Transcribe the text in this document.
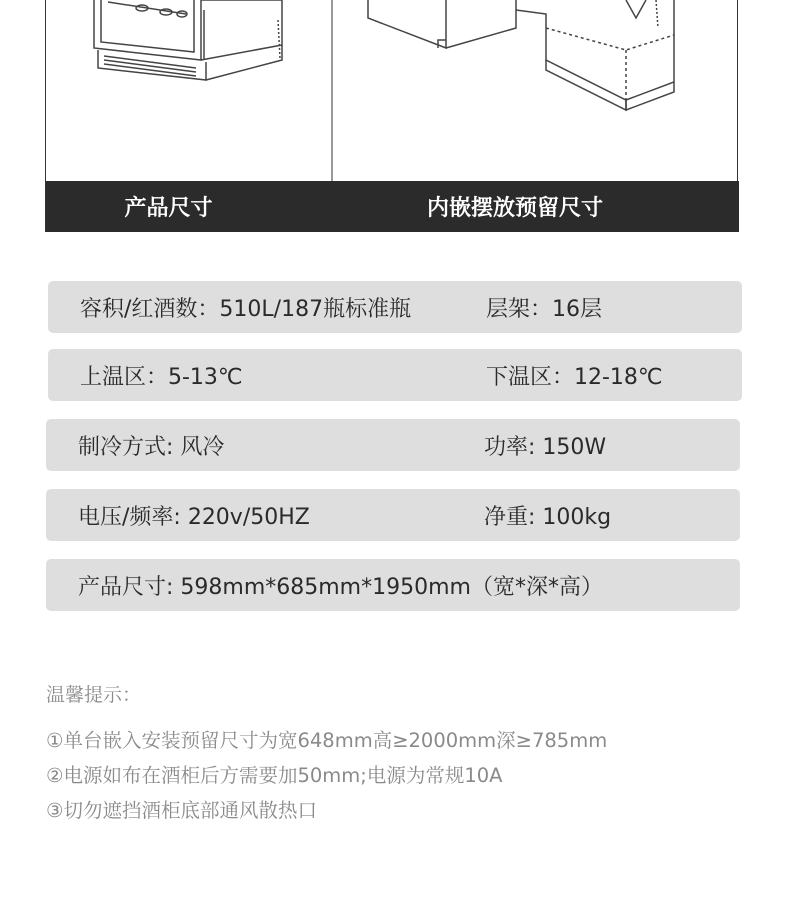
产品尺寸	内嵌摆放预留尺寸
容积/红酒数：510L/187瓶标准瓶	层架：16层
上温区：5-13℃	下温区：12-18℃
制冷方式: 风冷	功率: 150W
电压/频率: 220v/50HZ	净重: 100kg
产品尺寸: 598mm*685mm*1950mm（宽*深*高）
温馨提示：
①单台嵌入安装预留尺寸为宽648mm高≥2000mm深≥785mm
②电源如布在酒柜后方需要加50mm;电源为常规10A
③切勿遮挡酒柜底部通风散热口
